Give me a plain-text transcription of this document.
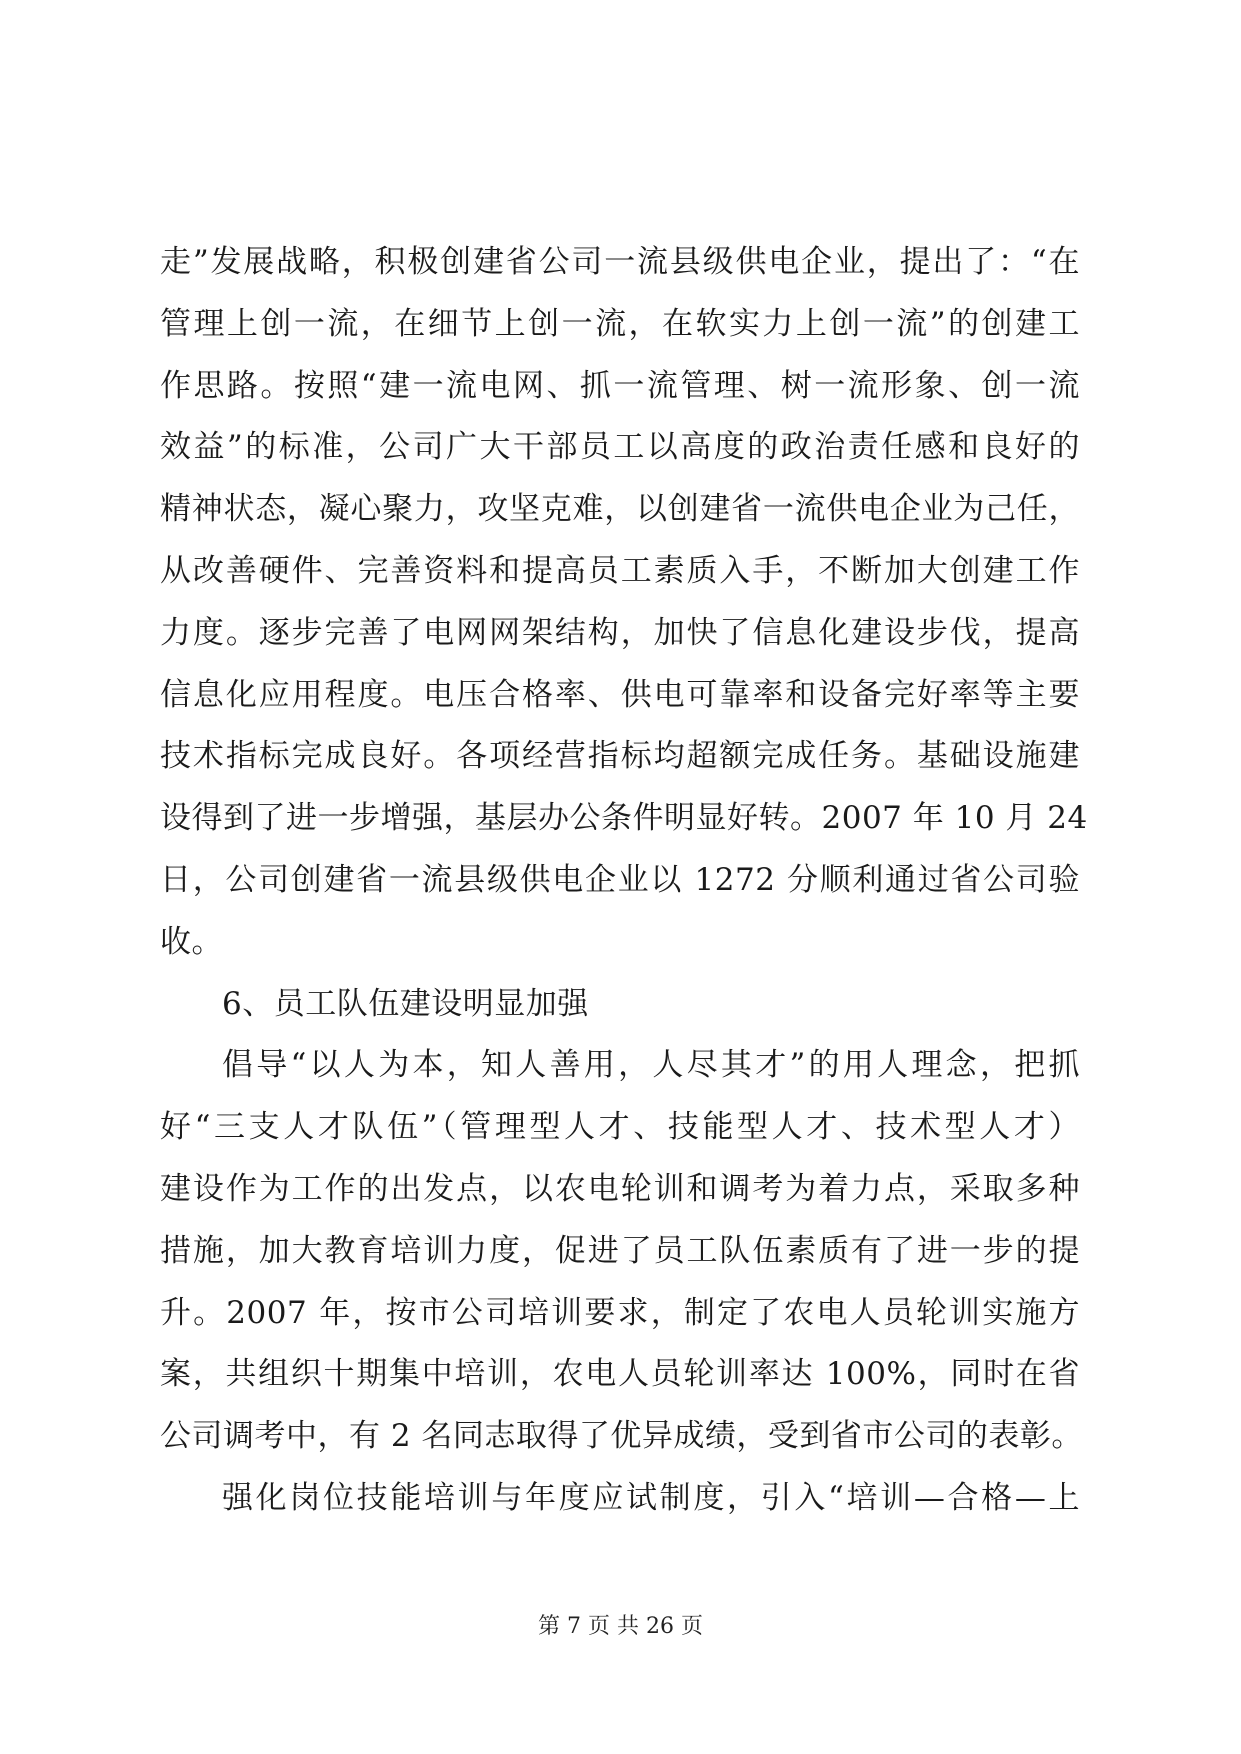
走”发展战略，积极创建省公司一流县级供电企业，提出了：“在
管理上创一流，在细节上创一流，在软实力上创一流”的创建工
作思路。按照“建一流电网、抓一流管理、树一流形象、创一流
效益”的标准，公司广大干部员工以高度的政治责任感和良好的
精神状态，凝心聚力，攻坚克难，以创建省一流供电企业为己任，
从改善硬件、完善资料和提高员工素质入手，不断加大创建工作
力度。逐步完善了电网网架结构，加快了信息化建设步伐，提高
信息化应用程度。电压合格率、供电可靠率和设备完好率等主要
技术指标完成良好。各项经营指标均超额完成任务。基础设施建
设得到了进一步增强，基层办公条件明显好转。2007 年 10 月 24
日，公司创建省一流县级供电企业以 1272 分顺利通过省公司验
收。
6、员工队伍建设明显加强
倡导“以人为本，知人善用，人尽其才”的用人理念，把抓
好“三支人才队伍”（管理型人才、技能型人才、技术型人才）
建设作为工作的出发点，以农电轮训和调考为着力点，采取多种
措施，加大教育培训力度，促进了员工队伍素质有了进一步的提
升。2007 年，按市公司培训要求，制定了农电人员轮训实施方
案，共组织十期集中培训，农电人员轮训率达 100%，同时在省
公司调考中，有 2 名同志取得了优异成绩，受到省市公司的表彰。
强化岗位技能培训与年度应试制度，引入“培训—合格—上
第 7 页 共 26 页
